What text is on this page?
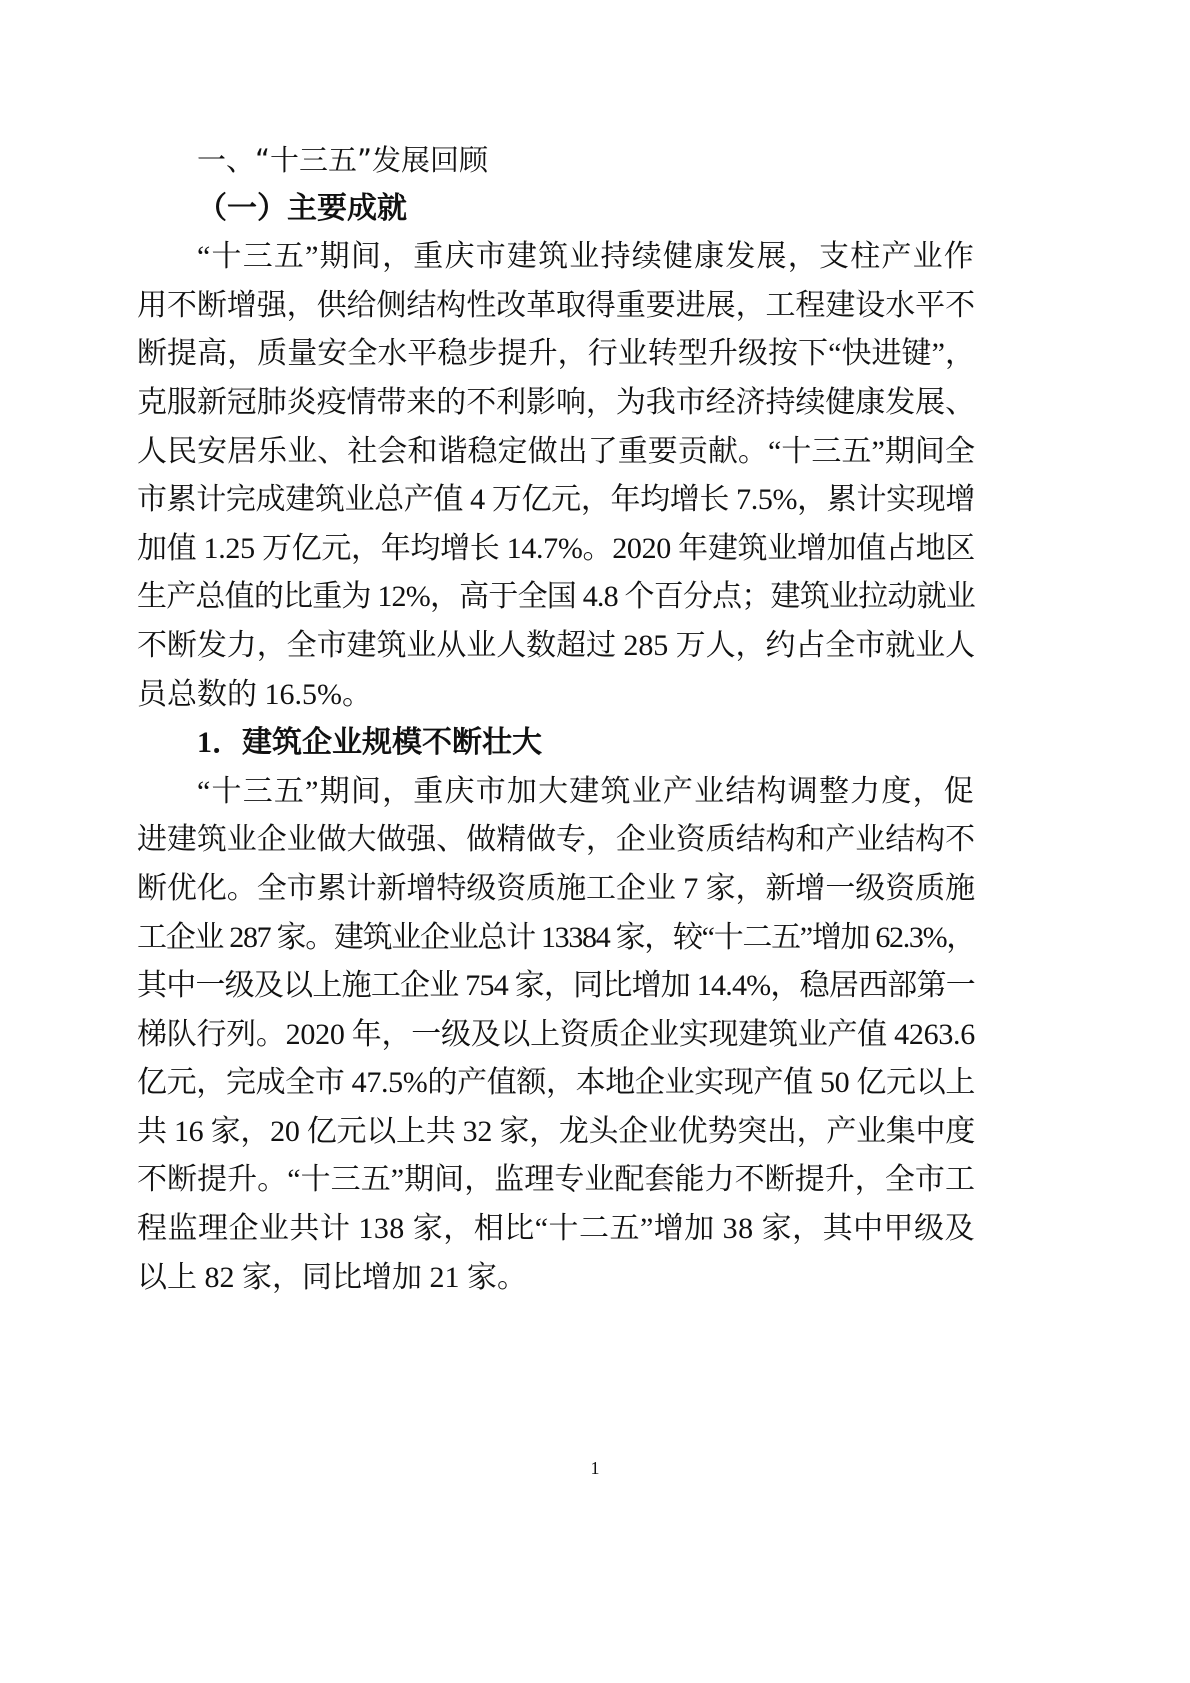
一、“十三五”发展回顾
（一）主要成就
“十三五”期间，重庆市建筑业持续健康发展，支柱产业作
用不断增强，供给侧结构性改革取得重要进展，工程建设水平不
断提高，质量安全水平稳步提升，行业转型升级按下“快进键”，
克服新冠肺炎疫情带来的不利影响，为我市经济持续健康发展、
人民安居乐业、社会和谐稳定做出了重要贡献。“十三五”期间全
市累计完成建筑业总产值 4 万亿元，年均增长 7.5%，累计实现增
加值 1.25 万亿元，年均增长 14.7%。2020 年建筑业增加值占地区
生产总值的比重为 12%，高于全国 4.8 个百分点；建筑业拉动就业
不断发力，全市建筑业从业人数超过 285 万人，约占全市就业人
员总数的 16.5%。
1．建筑企业规模不断壮大
“十三五”期间，重庆市加大建筑业产业结构调整力度，促
进建筑业企业做大做强、做精做专，企业资质结构和产业结构不
断优化。全市累计新增特级资质施工企业 7 家，新增一级资质施
工企业 287 家。建筑业企业总计 13384 家，较“十二五”增加 62.3%，
其中一级及以上施工企业 754 家，同比增加 14.4%，稳居西部第一
梯队行列。2020 年，一级及以上资质企业实现建筑业产值 4263.6
亿元，完成全市 47.5%的产值额，本地企业实现产值 50 亿元以上
共 16 家，20 亿元以上共 32 家，龙头企业优势突出，产业集中度
不断提升。“十三五”期间，监理专业配套能力不断提升，全市工
程监理企业共计 138 家，相比“十二五”增加 38 家，其中甲级及
以上 82 家，同比增加 21 家。
1
